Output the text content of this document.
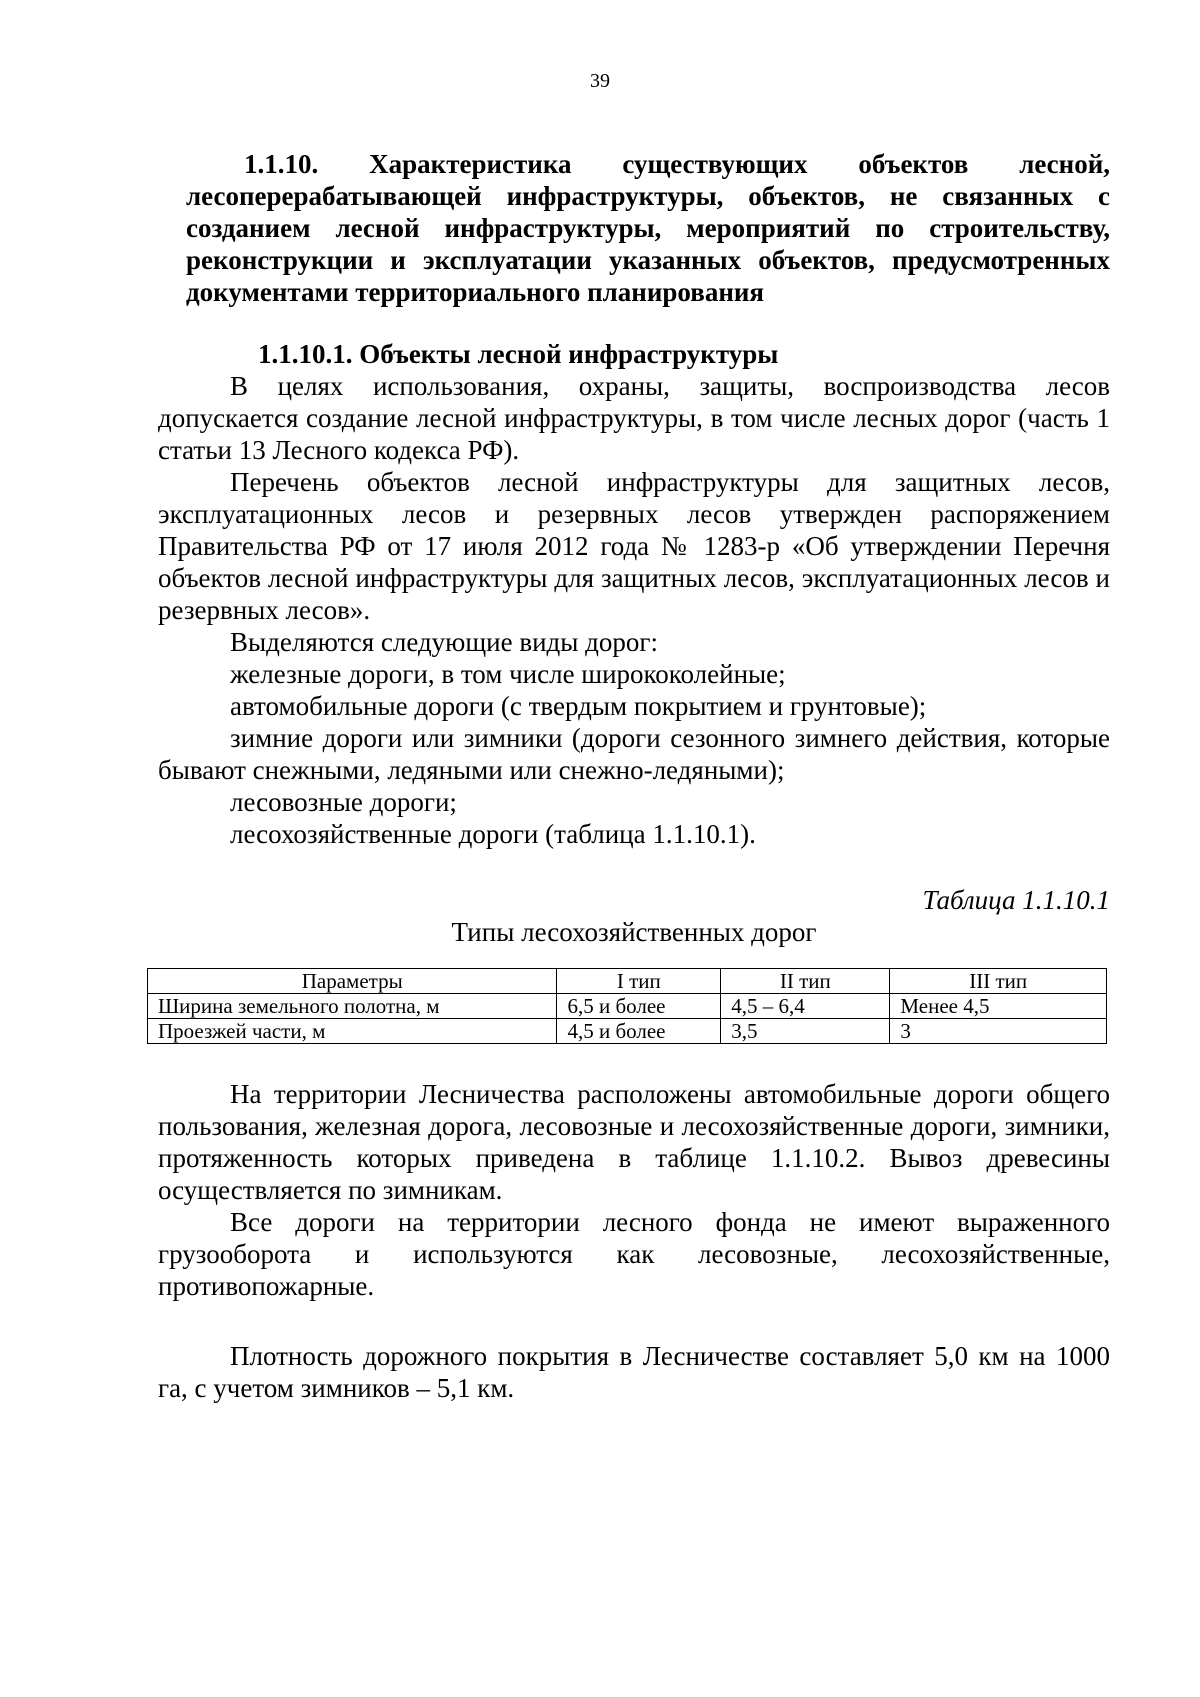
39
1.1.10. Характеристика существующих объектов лесной,
лесоперерабатывающей инфраструктуры, объектов, не связанных с созданием лесной инфраструктуры, мероприятий по строительству, реконструкции и эксплуатации указанных объектов, предусмотренных документами территориального планирования
1.1.10.1. Объекты лесной инфраструктуры

В целях использования, охраны, защиты, воспроизводства лесов допускается создание лесной инфраструктуры, в том числе лесных дорог (часть 1 статьи 13 Лесного кодекса РФ).

Перечень объектов лесной инфраструктуры для защитных лесов, эксплуатационных лесов и резервных лесов утвержден распоряжением Правительства РФ от 17 июля 2012 года № 1283-р «Об утверждении Перечня объектов лесной инфраструктуры для защитных лесов, эксплуатационных лесов и резервных лесов».

Выделяются следующие виды дорог:

железные дороги, в том числе ширококолейные;

автомобильные дороги (с твердым покрытием и грунтовые);

зимние дороги или зимники (дороги сезонного зимнего действия, которые бывают снежными, ледяными или снежно-ледяными);

лесовозные дороги;

лесохозяйственные дороги (таблица 1.1.10.1).

Таблица 1.1.10.1
Типы лесохозяйственных дорог
Параметры	I тип	II тип	III тип
Ширина земельного полотна, м	6,5 и более	4,5 – 6,4	Менее 4,5
Проезжей части, м	4,5 и более	3,5	3

На территории Лесничества расположены автомобильные дороги общего пользования, железная дорога, лесовозные и лесохозяйственные дороги, зимники, протяженность которых приведена в таблице 1.1.10.2. Вывоз древесины осуществляется по зимникам.

Все дороги на территории лесного фонда не имеют выраженного грузооборота и используются как лесовозные, лесохозяйственные, противопожарные.

Плотность дорожного покрытия в Лесничестве составляет 5,0 км на 1000 га, с учетом зимников – 5,1 км.
